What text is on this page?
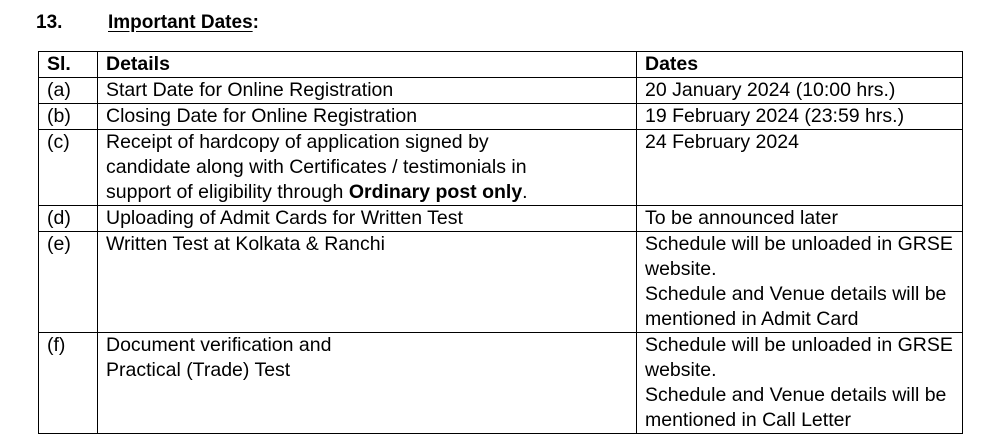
13. Important Dates:
Sl.	Details	Dates
(a)	Start Date for Online Registration	20 January 2024 (10:00 hrs.)
(b)	Closing Date for Online Registration	19 February 2024 (23:59 hrs.)
(c)	Receipt of hardcopy of application signed by
candidate along with Certificates / testimonials in
support of eligibility through Ordinary post only.	24 February 2024
(d)	Uploading of Admit Cards for Written Test	To be announced later
(e)	Written Test at Kolkata & Ranchi	Schedule will be unloaded in GRSE
website.
Schedule and Venue details will be
mentioned in Admit Card

(f)	Document verification and
Practical (Trade) Test	Schedule will be unloaded in GRSE
website.
Schedule and Venue details will be
mentioned in Call Letter
